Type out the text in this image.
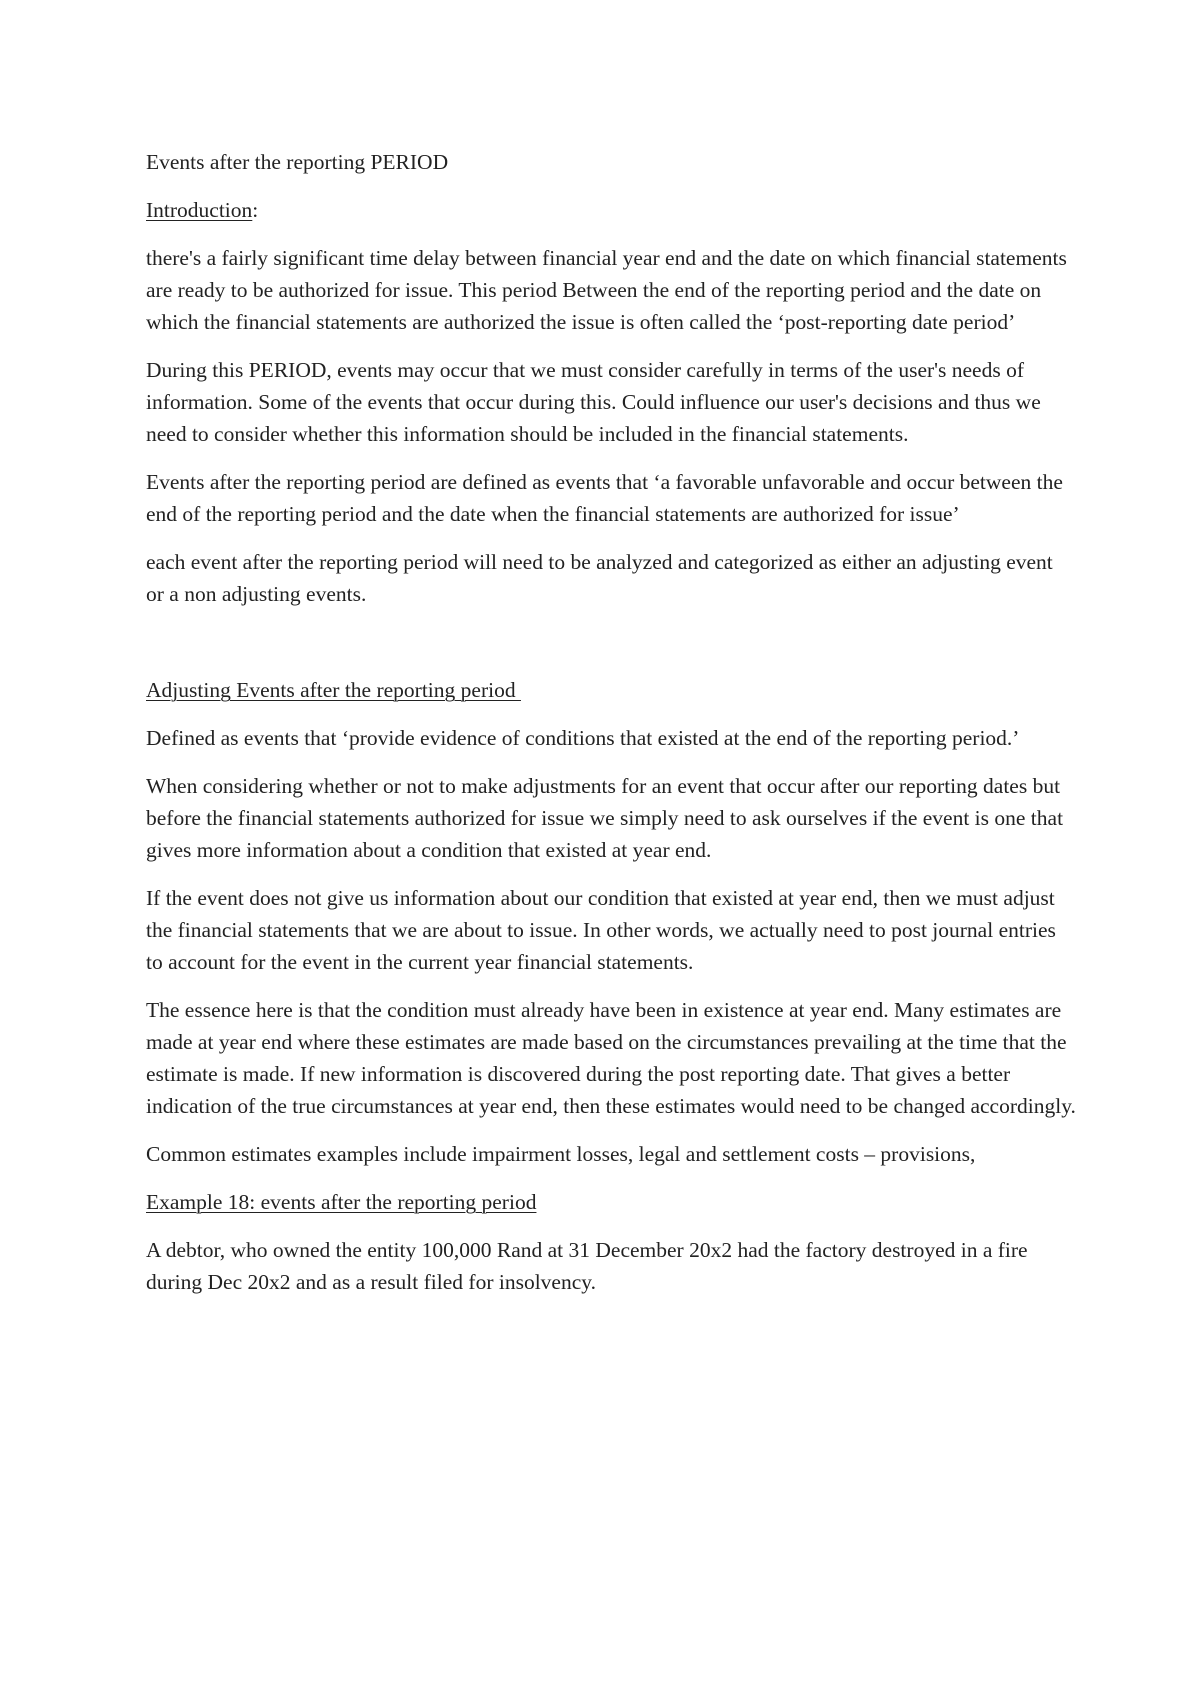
Events after the reporting PERIOD
Introduction:

there's a fairly significant time delay between financial year end and the date on which financial statements are ready to be authorized for issue. This period Between the end of the reporting period and the date on which the financial statements are authorized the issue is often called the ‘post-reporting date period’

During this PERIOD, events may occur that we must consider carefully in terms of the user's needs of information. Some of the events that occur during this. Could influence our user's decisions and thus we need to consider whether this information should be included in the financial statements.

Events after the reporting period are defined as events that ‘a favorable unfavorable and occur between the end of the reporting period and the date when the financial statements are authorized for issue’

each event after the reporting period will need to be analyzed and categorized as either an adjusting event or a non adjusting events.

Adjusting Events after the reporting period

Defined as events that ‘provide evidence of conditions that existed at the end of the reporting period.’

When considering whether or not to make adjustments for an event that occur after our reporting dates but before the financial statements authorized for issue we simply need to ask ourselves if the event is one that gives more information about a condition that existed at year end.

If the event does not give us information about our condition that existed at year end, then we must adjust the financial statements that we are about to issue. In other words, we actually need to post journal entries to account for the event in the current year financial statements.

The essence here is that the condition must already have been in existence at year end. Many estimates are made at year end where these estimates are made based on the circumstances prevailing at the time that the estimate is made. If new information is discovered during the post reporting date. That gives a better indication of the true circumstances at year end, then these estimates would need to be changed accordingly.

Common estimates examples include impairment losses, legal and settlement costs – provisions,

Example 18: events after the reporting period

A debtor, who owned the entity 100,000 Rand at 31 December 20x2 had the factory destroyed in a fire during Dec 20x2 and as a result filed for insolvency.
